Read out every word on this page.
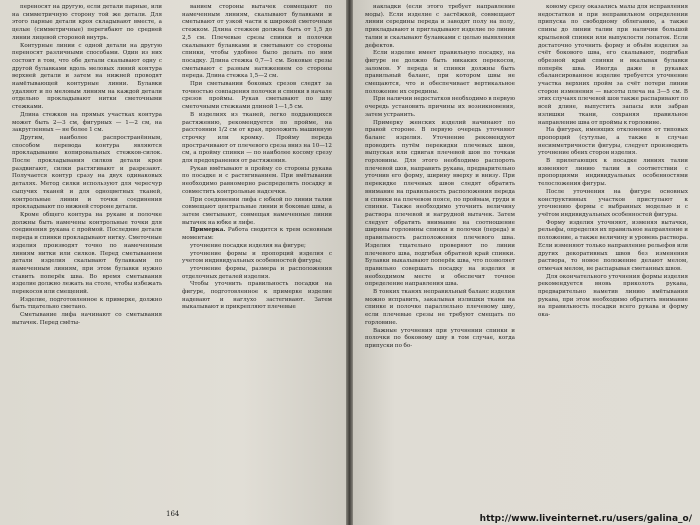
переносят на другую, если детали парные, или на симметричную сторону той же детали. Для этого парные детали кроя складывают вместе, а целые (симметричные) перегибают по средней линии лицевой стороной внутрь.

Контурные линии с одной детали на другую переносят различными способами. Один из них состоит в том, что обе детали скалывают одну с другой булавками вдоль меловых линий контура верхней детали и затем на нижней проводят намётывающей контурные линии. Булавки удаляют и по меловым линиям на каждой детали отдельно прокладывают нитки сметочными стежками.

Длина стежков на прямых участках контура может быть 2—3 см, фигурных — 1—2 см, на закругленных — не более 1 см.

Другим, наиболее распространённым, способом перевода контура являются прокладывание копировальных стежков-силок. После прокладывания силков детали кроя раздвигают, силки растягивают и разрезают. Получается контур сразу на двух одинаковых деталях. Метод силки используют для чересчур сыпучих тканей и для одноцветных тканей, контрольные линии и точки соединения прокладывают по нижней стороне детали.

Кроме общего контура на рукаве и полочке должны быть намечены контрольные точки для соединения рукава с проймой. Последние детали переда и спинки прокладывают нитку. Сметочные изделия производят точно по намеченным линиям нитки или силков. Перед сметыванием детали изделия скалывают булавками по намеченным линиям, при этом булавки нужно ставить поперёк шва. Во время сметывания изделие должно лежать на столе, чтобы избежать перекосов или смещений.

Изделие, подготовленное к примерке, должно быть тщательно сметано.

Сметывание лифа начинают со сметывания вытачек. Перед смёты-

ванием стороны вытачек совмещают по намеченным линиям, скалывают булавками и сметывают от узкой части к широкой сметочным стежком. Длина стежков должна быть от 1,5 до 2,5 см. Плечевые срезы спинки и полочки скалывают булавками и сметывают со стороны спинки, чтобы удобнее было делать по ним посадку. Длина стежка 0,7—1 см. Боковые срезы сметывают с разным натяжением со стороны переда. Длина стежка 1,5—2 см.

При сметывании боковых срезов следят за точностью совпадения полочки и спинки в начале срезов проймы. Рукав сметывают по шву сметочными стежками длиной 1—1,5 см.

В изделиях из тканей, легко поддающихся растяжению, рекомендуется по пройме, на расстоянии 1/2 см от края, проложить машинную строчку или кромку. Пройму переда прострачивают от плечевого среза вниз на 10—12 см, а пройму спинки — по наиболее косому срезу для предохранения от растяжения.

Рукав вмётывают в пройму со стороны рукава по посадке и с растягиванием. При вмётывании необходимо равномерно распределить посадку и совместить контрольные надсечки.

При соединении лифа с юбкой по линии талии совмещают центральные линии и боковые швы, а затем сметывают, совмещая намеченные линии вытачек на юбке и лифе.

Примерка. Работа сводится к трем основным моментам:

уточнение посадки изделия на фигуре;

уточнение формы и пропорций изделия с учетом индивидуальных особенностей фигуры;

уточнение формы, размера и расположения отделочных деталей изделия.

Чтобы уточнить правильность посадки на фигуре, подготовленное к примерке изделие надевают и наглухо застегивают. Затем выкалывают и прикрепляют плечевые

164

накладки (если этого требует направление моды). Если изделие с застёжкой, совмещают линии середины переда и заводят полу на полу, прикладывают и пригладывают изделие по линии талии и скалывают булавками с целью выявления дефектов.

Если изделие имеет правильную посадку, на фигуре не должно быть никаких перекосов, заломов. У переда и спинки должны быть правильный баланс, при котором швы не смещаются, что и обеспечивает вертикальное положение их середины.

При наличии недостатков необходимо в первую очередь установить причины их возникновения, затем устранить.

Примерку женских изделий начинают по правой стороне. В первую очередь уточняют баланс изделия. Уточнение рекомендуют проводить путём перекидки плечевых швов, выпуская или сдвигая плечевой шов по точкам горловины. Для этого необходимо распороть плечевой шов, направить рукава, предварительно уточнив его форму, ширину вверху и внизу. При перекидке плечевых швов следят обратить внимание на правильность расположения переда и спинки на плечевом поясе, по проймам, груди и спинки. Также необходимо уточнить величину раствора плечевой и нагрудной вытачек. Затем следует обратить внимание на соотношение ширины горловины спинки и полочки (переда) и правильность расположения плечевого шва. Изделия тщательно проверяют по линии плечевого шва, подгибая обратной край спинки. Булавки выкалывают поперёк шва, что позволяет правильно совершать посадку на изделия и необходимом месте и обеспечит точное определение направления шва.

В тонких тканях неправильный баланс изделия можно исправить, закалывая излишки ткани на спинке и полочке параллельно плечевому шву, если плечевые срезы не требуют смещать по горловине.

Важные уточнения при уточнении спинки и полочки по боковому шву в том случае, когда припуски по бо-

ковому срезу оказались малы для исправления недостатков и при неправильном определении припуска по свободному облеганию, а также спины до линии талии при наличии большой крыльевой спинки или выпуклости лопаток. Если достаточно уточнить форму и объём изделия за счёт бокового шва, его скалывают, подгибая обрезной край спинки и вкалывая булавки поперёк шва. Иногда даже в рукавах сбалансированное изделие требуется уточнение участка верхних пройм за счёт потери линии сторон изменения — высоты плеча на 3—5 см. В этих случаях плечевой шов также распаривают по всей длине, выпустить запасы или забрав излишки ткани, сохраняя правильное направление шва от проймы к горловине.

На фигурах, имеющих отклонения от типовых пропорций (сутулые, а также в случае несимметричности фигуры, следует производить уточнение обеих сторон изделия.

В прилегающих к посадке линиях талии изменяют линию талии в соответствии с пропорциями индивидуальных особенностями телосложения фигуры.

После уточнения на фигуре основных конструктивных участков приступают к уточнению формы с выбранных моделью и с учётом индивидуальных особенностей фигуры.

Форму изделия уточняют, изменяя вытачки, рельефы, определяя их правильное направление и положение, а также величину и уровень раствора. Если изменяют только направление рельефов или других декоративных швов без изменения раствора, то новое положение делают мелом, отмечая мелом, не распарывая сметанных швов.

Для окончательного уточнения формы изделия рекомендуется вновь приколоть рукава, предварительно наметив линию вмётывания рукава, при этом необходимо обратить внимание на правильность посадки всего рукава и форму ока-

http://www.liveinternet.ru/users/galina_o/
